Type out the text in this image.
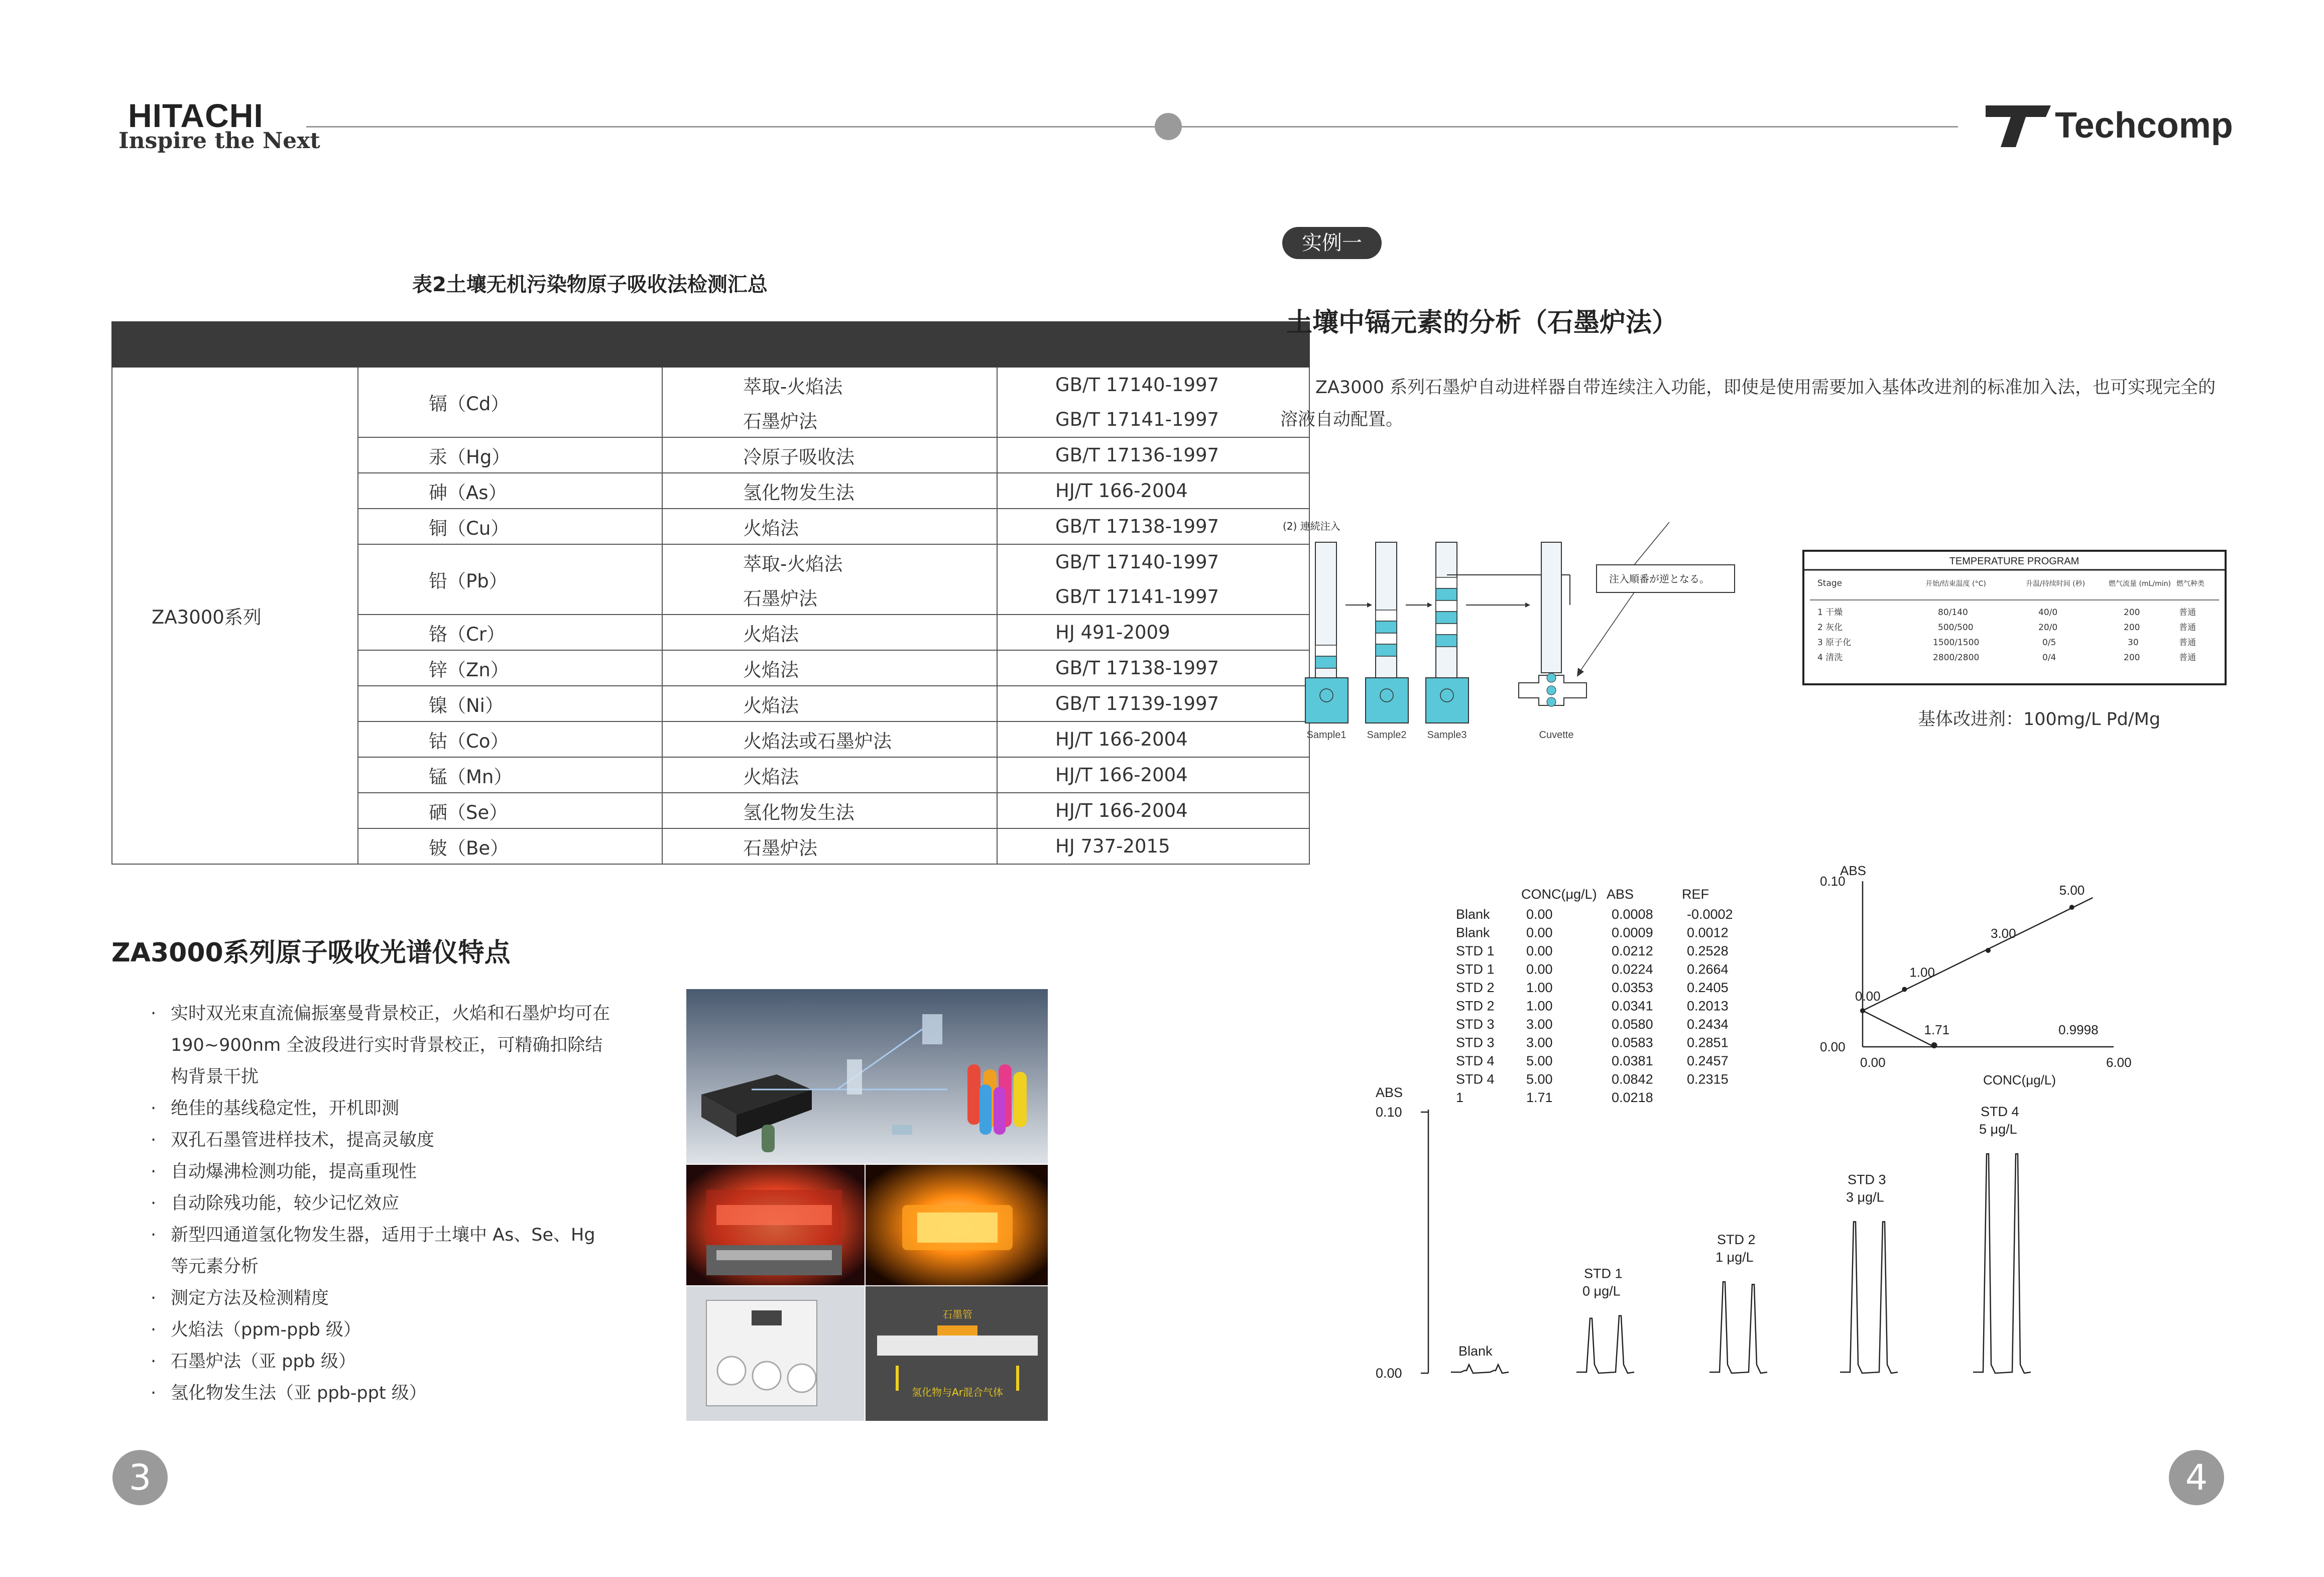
HITACHI
Inspire the Next	Techcomp
表2土壤无机污染物原子吸收法检测汇总

ZA3000系列	镉（Cd）	萃取-火焰法	GB/T 17140-1997
		石墨炉法	GB/T 17141-1997
	汞（Hg）	冷原子吸收法	GB/T 17136-1997
	砷（As）	氢化物发生法	HJ/T 166-2004
	铜（Cu）	火焰法	GB/T 17138-1997
	铅（Pb）	萃取-火焰法	GB/T 17140-1997
		石墨炉法	GB/T 17141-1997
	铬（Cr）	火焰法	HJ 491-2009
	锌（Zn）	火焰法	GB/T 17138-1997
	镍（Ni）	火焰法	GB/T 17139-1997
	钴（Co）	火焰法或石墨炉法	HJ/T 166-2004
	锰（Mn）	火焰法	HJ/T 166-2004
	硒（Se）	氢化物发生法	HJ/T 166-2004
	铍（Be）	石墨炉法	HJ 737-2015
ZA3000系列原子吸收光谱仪特点
· 实时双光束直流偏振塞曼背景校正，火焰和石墨炉均可在 190~900nm 全波段进行实时背景校正，可精确扣除结构背景干扰
· 绝佳的基线稳定性，开机即测
· 双孔石墨管进样技术，提高灵敏度
· 自动爆沸检测功能，提高重现性
· 自动除残功能，较少记忆效应
· 新型四通道氢化物发生器，适用于土壤中 As、Se、Hg 等元素分析
· 测定方法及检测精度
· 火焰法（ppm-ppb 级）
· 石墨炉法（亚 ppb 级）
· 氢化物发生法（亚 ppb-ppt 级）
石墨管
氢化物与Ar混合气体
3
实例一
土壤中镉元素的分析（石墨炉法）
ZA3000 系列石墨炉自动进样器自带连续注入功能，即使是使用需要加入基体改进剂的标准加入法，也可实现完全的溶液自动配置。
(2) 連続注入
Sample1 Sample2 Sample3	Cuvette
注入順番が逆となる。
TEMPERATURE PROGRAM
Stage	开始/结束温度 (°C)	升温/持续时间 (秒)	燃气流量 (mL/min) 燃气种类
1 干燥	80/140	40/0	200	普通
2 灰化	500/500	20/0	200	普通
3 原子化	1500/1500	0/5	30	普通
4 清洗	2800/2800	0/4	200	普通
基体改进剂：100mg/L Pd/Mg
CONC(μg/L) ABS	REF
Blank	0.00	0.0008 -0.0002
Blank	0.00	0.0009 0.0012
STD 1 0.00	0.0212 0.2528
STD 1 0.00	0.0224 0.2664
STD 2 1.00	0.0353 0.2405
STD 2 1.00	0.0341 0.2013
STD 3 3.00	0.0580 0.2434
STD 3 3.00	0.0583 0.2851
STD 4 5.00	0.0381 0.2457
STD 4 5.00	0.0842 0.2315
1	1.71	0.0218
ABS
0.10
0.00
0.00	6.00
CONC(μg/L)
1.71
0.00
1.00
3.00
5.00
0.9998
ABS
0.10
0.00
Blank
STD 1
0 μg/L
STD 2
1 μg/L
STD 3
3 μg/L
STD 4
5 μg/L
4
